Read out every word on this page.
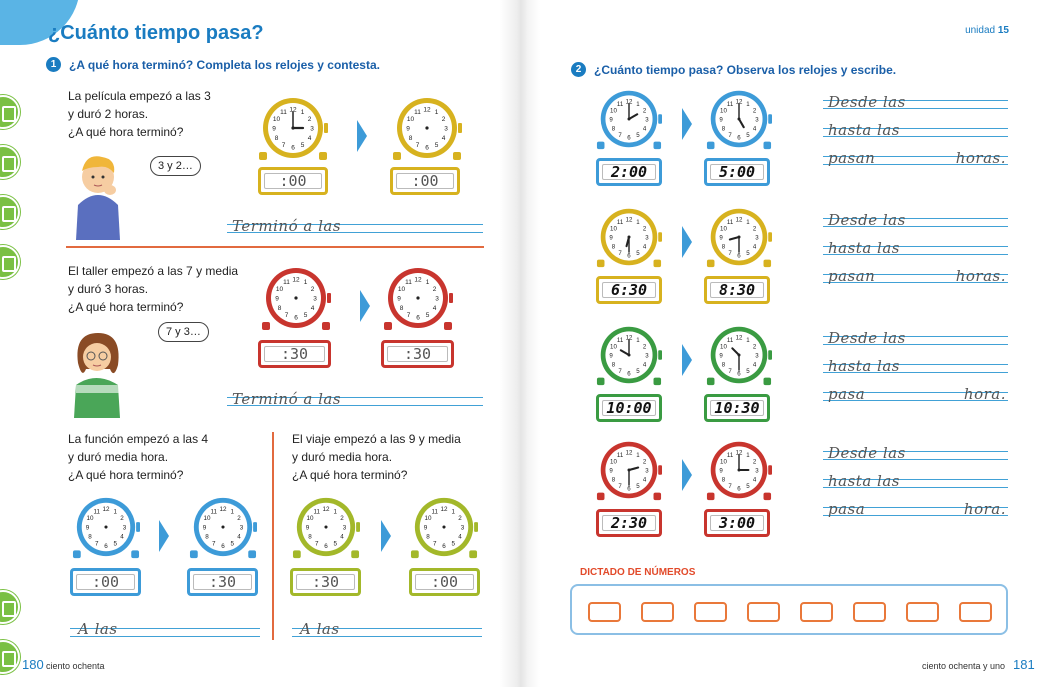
¿Cuánto tiempo pasa?
1	¿A qué hora terminó? Completa los relojes y contesta.
La película empezó a las 3
y duró 2 horas.
¿A qué hora terminó?
3 y 2…
1
2
3
4
5
6
7
8
9
10
11 12	1
2
3
4
5
6
7
8
9
10
11 12
:00	:00
Terminó a las
El taller empezó a las 7 y media
y duró 3 horas.
¿A qué hora terminó?
7 y 3…
1
2
3
4
5
6
7
8
9
10
11 12	1
2
3
4
5
6
7
8
9
10
11 12
:30	:30
Terminó a las
La función empezó a las 4
y duró media hora.
¿A qué hora terminó?
1
2
3
4
5
6
7
8
9
10
11 12	1
2
3
4
5
6
7
8
9
10
11 12
:00	:30
A las
El viaje empezó a las 9 y media
y duró media hora.
¿A qué hora terminó?
1
2
3
4
5
6
7
8
9
10
11 12	1
2
3
4
5
6
7
8
9
10
11 12
:30	:00
A las
180 ciento ochenta
unidad 15
2	¿Cuánto tiempo pasa? Observa los relojes y escribe.
1
2
3
4
5
6
7
8
9
10
11 12	1
2
3
4
5
6
7
8
9
10
11 12
2:00	5:00
Desde las
hasta las
pasan	horas.
1
2
3
4
5
6
7
8
9
10
11 12	1
2
3
4
5
6
7
8
9
10
11 12
6:30	8:30
Desde las
hasta las
pasan	horas.
1
2
3
4
5
6
7
8
9
10
11 12	1
2
3
4
5
6
7
8
9
10
11 12
10:00	10:30
Desde las
hasta las
pasa	hora.
1
2
3
4
5
6
7
8
9
10
11 12	1
2
3
4
5
6
7
8
9
10
11 12
2:30	3:00
Desde las
hasta las
pasa	hora.
DICTADO DE NÚMEROS
ciento ochenta y uno 181
